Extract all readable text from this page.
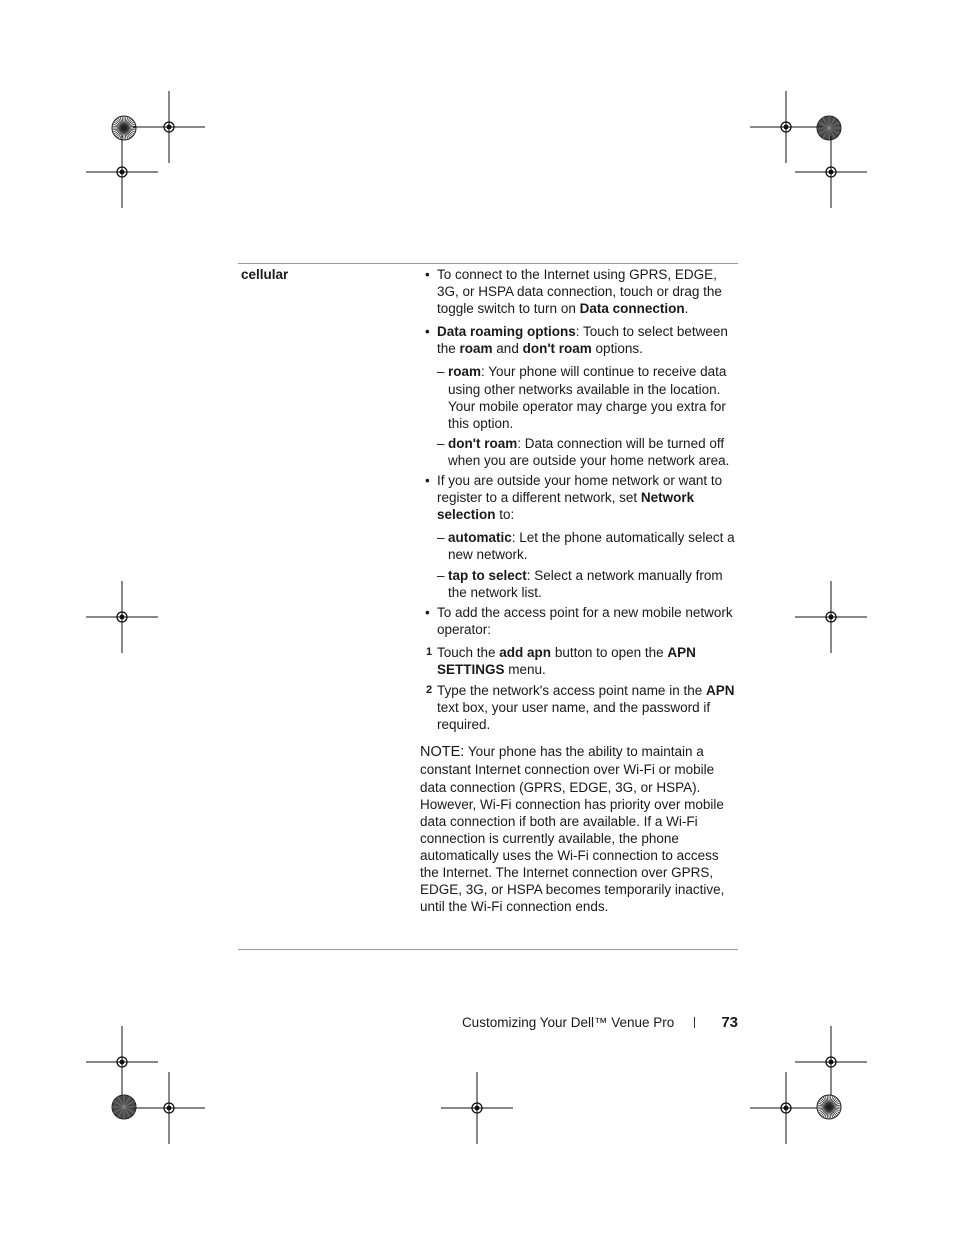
cellular	• To connect to the Internet using GPRS, EDGE, 3G, or HSPA data connection, touch or drag the toggle switch to turn on Data connection.
• Data roaming options: Touch to select between the roam and don't roam options.
– roam: Your phone will continue to receive data using other networks available in the location. Your mobile operator may charge you extra for this option.
– don't roam: Data connection will be turned off when you are outside your home network area.
• If you are outside your home network or want to register to a different network, set Network selection to:
– automatic: Let the phone automatically select a new network.
– tap to select: Select a network manually from the network list.
• To add the access point for a new mobile network operator:
1 Touch the add apn button to open the APN SETTINGS menu.
2 Type the network's access point name in the APN text box, your user name, and the password if required.
NOTE: Your phone has the ability to maintain a constant Internet connection over Wi-Fi or mobile data connection (GPRS, EDGE, 3G, or HSPA). However, Wi-Fi connection has priority over mobile data connection if both are available. If a Wi-Fi connection is currently available, the phone automatically uses the Wi-Fi connection to access the Internet. The Internet connection over GPRS, EDGE, 3G, or HSPA becomes temporarily inactive, until the Wi-Fi connection ends.
Customizing Your Dell™ Venue Pro	73
